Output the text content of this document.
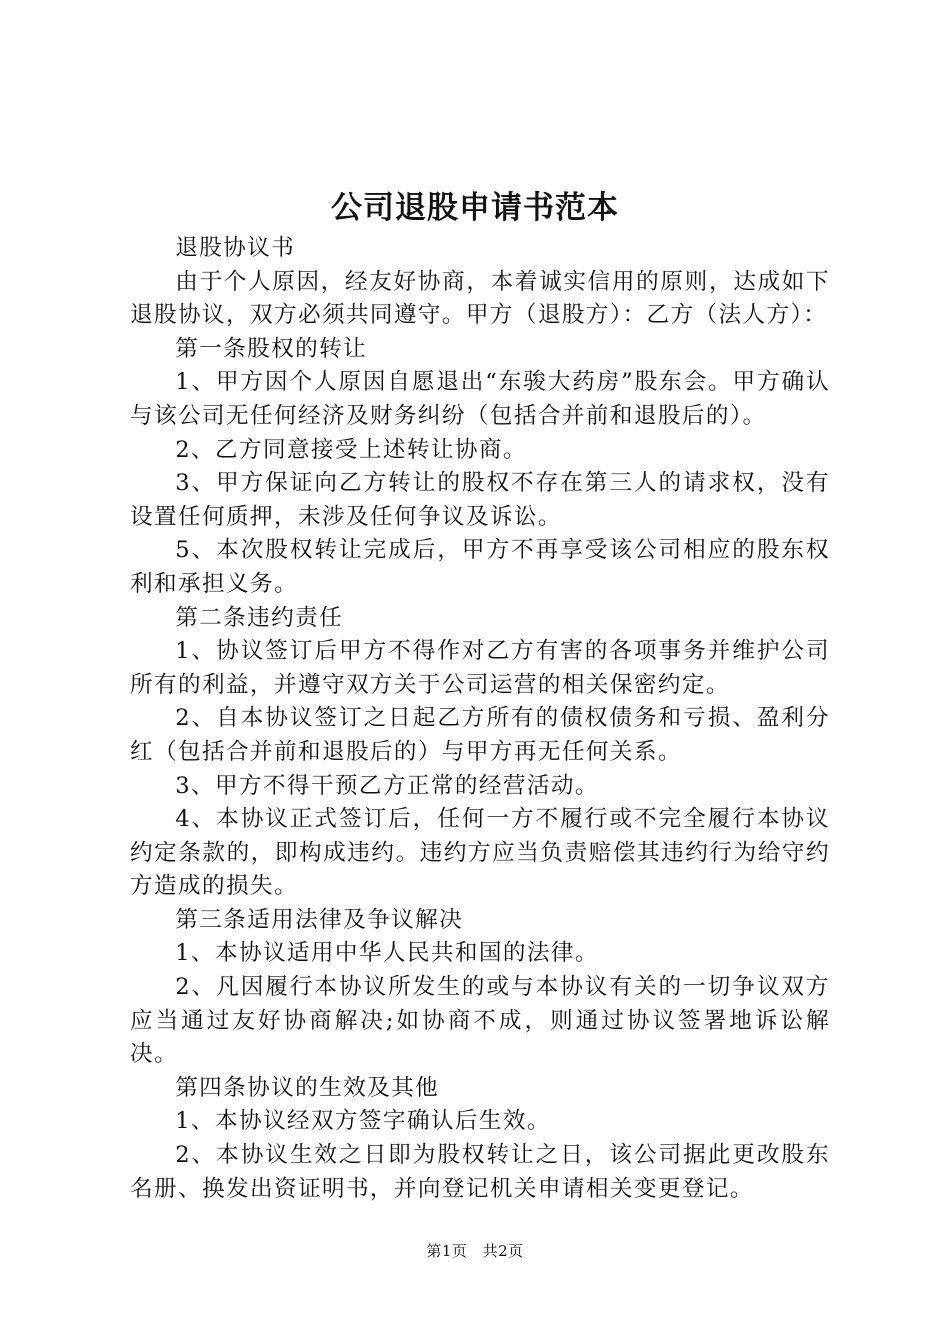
公司退股申请书范本

退股协议书

由于个人原因，经友好协商，本着诚实信用的原则，达成如下退股协议，双方必须共同遵守。甲方（退股方）：乙方（法人方）：

第一条股权的转让

1、甲方因个人原因自愿退出“东骏大药房”股东会。甲方确认与该公司无任何经济及财务纠纷（包括合并前和退股后的）。

2、乙方同意接受上述转让协商。

3、甲方保证向乙方转让的股权不存在第三人的请求权，没有设置任何质押，未涉及任何争议及诉讼。

5、本次股权转让完成后，甲方不再享受该公司相应的股东权利和承担义务。

第二条违约责任

1、协议签订后甲方不得作对乙方有害的各项事务并维护公司所有的利益，并遵守双方关于公司运营的相关保密约定。

2、自本协议签订之日起乙方所有的债权债务和亏损、盈利分红（包括合并前和退股后的）与甲方再无任何关系。

3、甲方不得干预乙方正常的经营活动。

4、本协议正式签订后，任何一方不履行或不完全履行本协议约定条款的，即构成违约。违约方应当负责赔偿其违约行为给守约方造成的损失。

第三条适用法律及争议解决

1、本协议适用中华人民共和国的法律。

2、凡因履行本协议所发生的或与本协议有关的一切争议双方应当通过友好协商解决;如协商不成，则通过协议签署地诉讼解决。

第四条协议的生效及其他

1、本协议经双方签字确认后生效。

2、本协议生效之日即为股权转让之日，该公司据此更改股东名册、换发出资证明书，并向登记机关申请相关变更登记。

第1页 共2页
